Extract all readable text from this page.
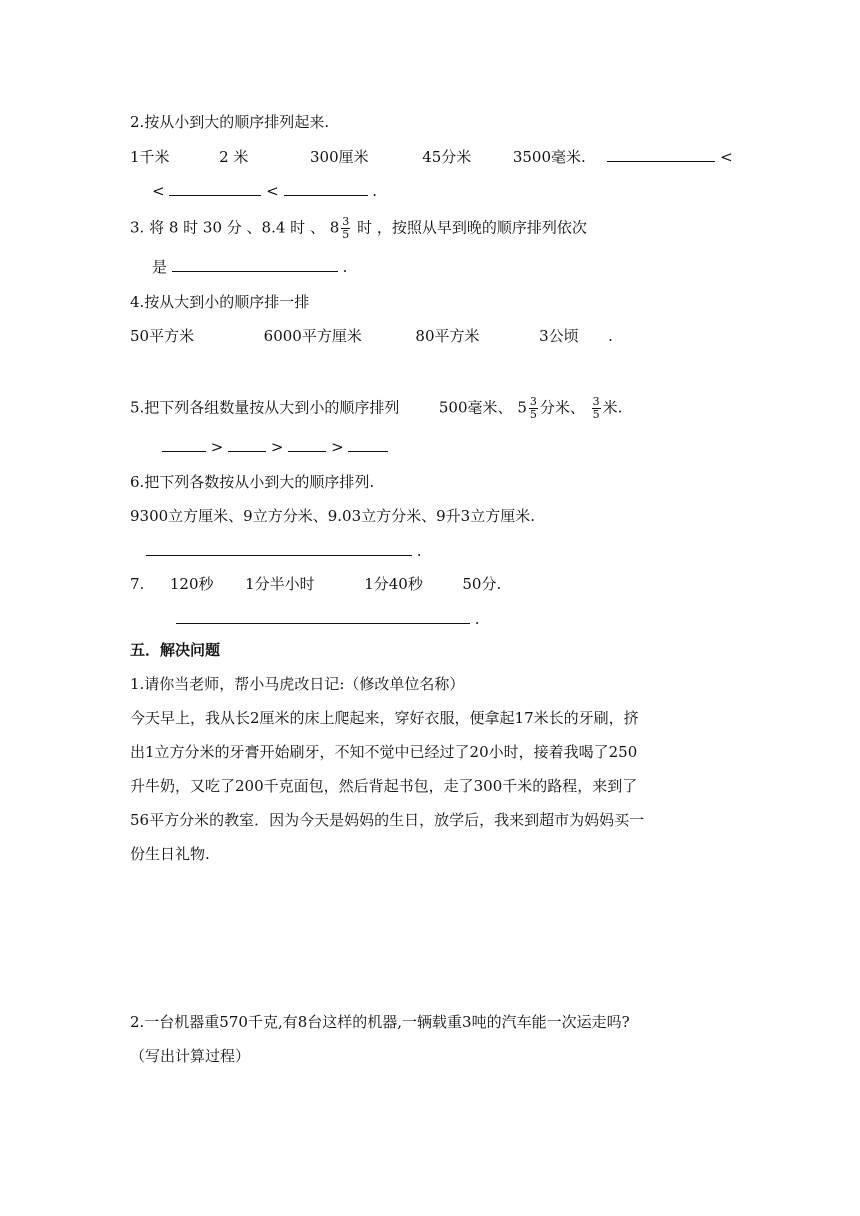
2.按从小到大的顺序排列起来.
1千米	2 米	300厘米	45分米	3500毫米.	<
<	<	.
3. 将 8 时 30 分 、8.4 时 、 $8 \frac{3}{5}$ 时 ，按照从早到晚的顺序排列依次
是	.
4.按从大到小的顺序排一排
50平方米	6000平方厘米	80平方米	3公顷 .
5.把下列各组数量按从大到小的顺序排列	500毫米、 $5 \frac{3}{5}$ 分米、 $\frac{3}{5}$ 米.
>	>	>
6.把下列各数按从小到大的顺序排列.
9300立方厘米、9立方分米、9.03立方分米、9升3立方厘米.
.
7. 120秒 1分半小时	1分40秒	50分.
.
五．解决问题
1.请你当老师，帮小马虎改日记:（修改单位名称）
今天早上，我从长2厘米的床上爬起来，穿好衣服，便拿起17米长的牙刷，挤
出1立方分米的牙膏开始刷牙，不知不觉中已经过了20小时，接着我喝了250
升牛奶，又吃了200千克面包，然后背起书包，走了300千米的路程，来到了
56平方分米的教室．因为今天是妈妈的生日，放学后，我来到超市为妈妈买一
份生日礼物.
2.一台机器重570千克,有8台这样的机器,一辆载重3吨的汽车能一次运走吗?
（写出计算过程）
